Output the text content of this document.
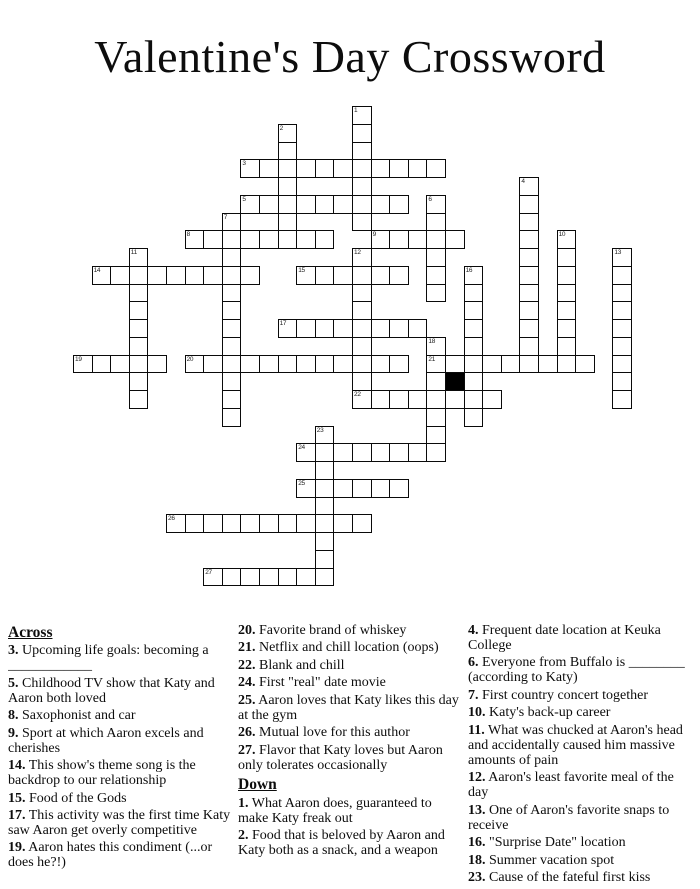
Valentine's Day Crossword
1
2
3
4
5	6
7
8	9	10
11	12
22
13
14	15	16
17
18
21
19	20
23
24
25
26
27
Across
3. Upcoming life goals: becoming a ____________
5. Childhood TV show that Katy and Aaron both loved
8. Saxophonist and car
9. Sport at which Aaron excels and cherishes
14. This show's theme song is the backdrop to our relationship
15. Food of the Gods
17. This activity was the first time Katy saw Aaron get overly competitive
19. Aaron hates this condiment (...or does he?!)
20. Favorite brand of whiskey
21. Netflix and chill location (oops)
22. Blank and chill
24. First "real" date movie
25. Aaron loves that Katy likes this day at the gym
26. Mutual love for this author
27. Flavor that Katy loves but Aaron only tolerates occasionally
Down
1. What Aaron does, guaranteed to make Katy freak out
2. Food that is beloved by Aaron and Katy both as a snack, and a weapon
4. Frequent date location at Keuka College
6. Everyone from Buffalo is ________ (according to Katy)
7. First country concert together
10. Katy's back-up career
11. What was chucked at Aaron's head and accidentally caused him massive amounts of pain
12. Aaron's least favorite meal of the day
13. One of Aaron's favorite snaps to receive
16. "Surprise Date" location
18. Summer vacation spot
23. Cause of the fateful first kiss
